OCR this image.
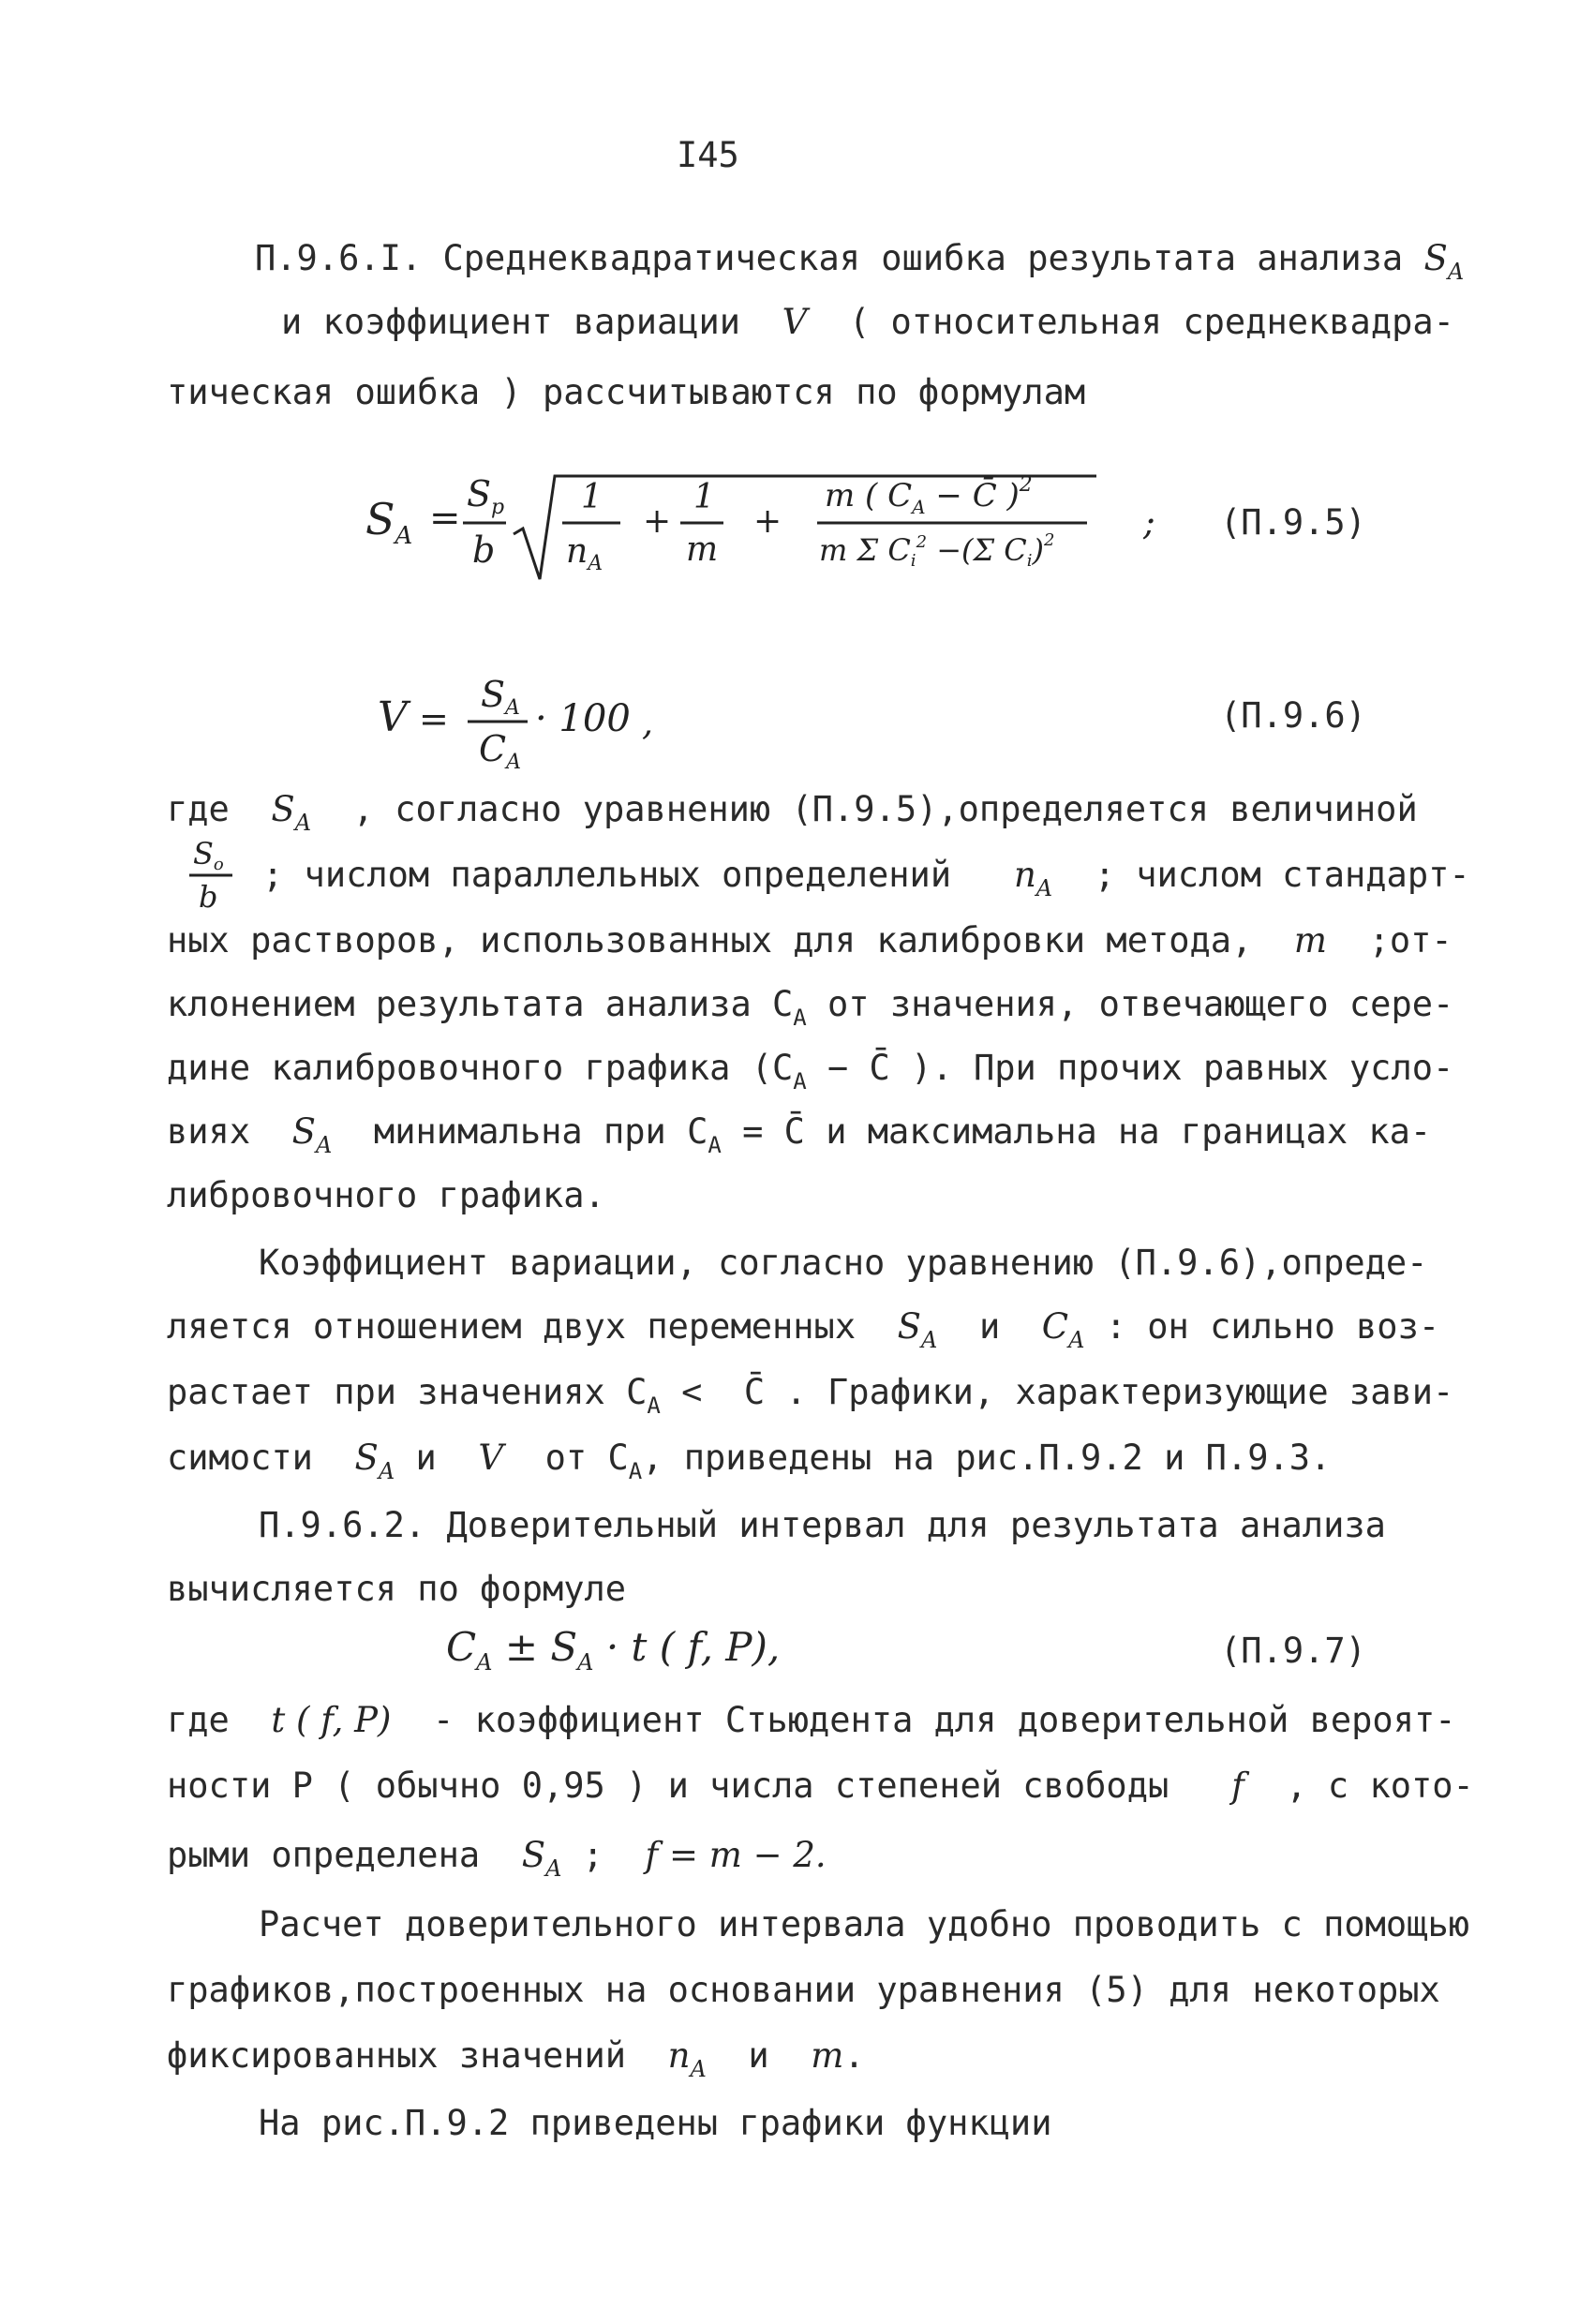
I45
П.9.6.I. Среднеквадратическая ошибка результата анализа $S_A$
и коэффициент вариации V ( относительная среднеквадра-
тическая ошибка ) рассчитываются по формулам
$S_A$ =
$S_p$
b
1
$n_A$
+
1
m
+
m ( $C_A$ − C̄ )$^2$
m Σ $Ci^2 -(\Sigma$ Ci)$^2$ ; (П.9.5)
V =
$S_A$
$C_A$
· 100 ,	(П.9.6)
где $S_A$ , согласно уравнению (П.9.5),определяется величиной
So
b
; числом параллельных определений $n_A$ ; числом стандарт-
ных растворов, использованных для калибровки метода, m ;от-
клонением результата анализа $C_A$ от значения, отвечающего сере-
дине калибровочного графика ($C_A$ − C̄ ). При прочих равных усло-
виях $S_A$  минимальна при $C_A$ = C̄ и максимальна на границах ка-
либровочного графика.
Коэффициент вариации, согласно уравнению (П.9.6),опреде-
ляется отношением двух переменных $S_A$ и $C_A$ : он сильно воз-
растает при значениях $C_A$ <  C̄ . Графики, характеризующие зави-
симости $S_A$ и V от $C_A$, приведены на рис.П.9.2 и П.9.3.
П.9.6.2. Доверительный интервал для результата анализа
вычисляется по формуле
$C_A \pm S_A \cdot t$ ( f, P),	(П.9.7)
где t ( f, P) - коэффициент Стьюдента для доверительной вероят-
ности P ( обычно 0,95 ) и числа степеней свободы f , с кото-
рыми определена $S_A$ ;  f = m − 2.
Расчет доверительного интервала удобно проводить с помощью
графиков,построенных на основании уравнения (5) для некоторых
фиксированных значений $n_A$ и m.
На рис.П.9.2 приведены графики функции
